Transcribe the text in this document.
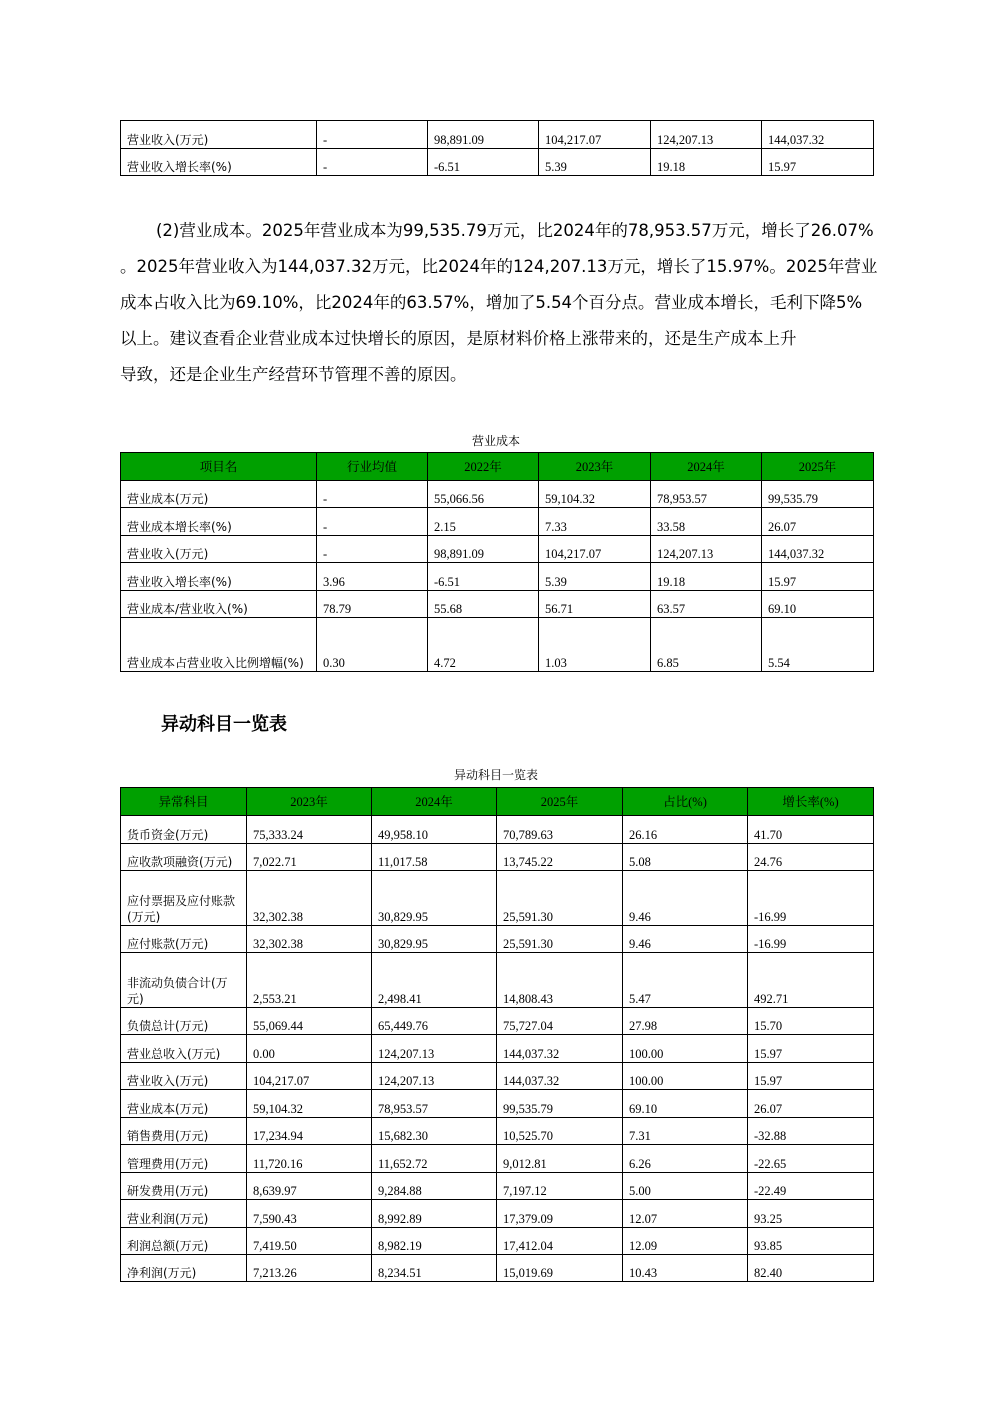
营业收入(万元)	-	98,891.09	104,217.07	124,207.13	144,037.32
营业收入增长率(%)	-	-6.51	5.39	19.18	15.97
(2)营业成本。2025年营业成本为99,535.79万元，比2024年的78,953.57万元，增长了26.07%
。2025年营业收入为144,037.32万元，比2024年的124,207.13万元，增长了15.97%。2025年营业
成本占收入比为69.10%，比2024年的63.57%，增加了5.54个百分点。营业成本增长，毛利下降5%
以上。建议查看企业营业成本过快增长的原因，是原材料价格上涨带来的，还是生产成本上升
导致，还是企业生产经营环节管理不善的原因。
营业成本
项目名	行业均值	2022年	2023年	2024年	2025年
营业成本(万元)	-	55,066.56	59,104.32	78,953.57	99,535.79
营业成本增长率(%)	-	2.15	7.33	33.58	26.07
营业收入(万元)	-	98,891.09	104,217.07	124,207.13	144,037.32
营业收入增长率(%)	3.96	-6.51	5.39	19.18	15.97
营业成本/营业收入(%)	78.79	55.68	56.71	63.57	69.10
营业成本占营业收入比例增幅(%)	0.30	4.72	1.03	6.85	5.54
异动科目一览表
异动科目一览表
异常科目	2023年	2024年	2025年	占比(%)	增长率(%)
货币资金(万元)	75,333.24	49,958.10	70,789.63	26.16	41.70
应收款项融资(万元)	7,022.71	11,017.58	13,745.22	5.08	24.76
应付票据及应付账款(万元)	32,302.38	30,829.95	25,591.30	9.46	-16.99
应付账款(万元)	32,302.38	30,829.95	25,591.30	9.46	-16.99
非流动负债合计(万元)	2,553.21	2,498.41	14,808.43	5.47	492.71
负债总计(万元)	55,069.44	65,449.76	75,727.04	27.98	15.70
营业总收入(万元)	0.00	124,207.13	144,037.32	100.00	15.97
营业收入(万元)	104,217.07	124,207.13	144,037.32	100.00	15.97
营业成本(万元)	59,104.32	78,953.57	99,535.79	69.10	26.07
销售费用(万元)	17,234.94	15,682.30	10,525.70	7.31	-32.88
管理费用(万元)	11,720.16	11,652.72	9,012.81	6.26	-22.65
研发费用(万元)	8,639.97	9,284.88	7,197.12	5.00	-22.49
营业利润(万元)	7,590.43	8,992.89	17,379.09	12.07	93.25
利润总额(万元)	7,419.50	8,982.19	17,412.04	12.09	93.85
净利润(万元)	7,213.26	8,234.51	15,019.69	10.43	82.40
